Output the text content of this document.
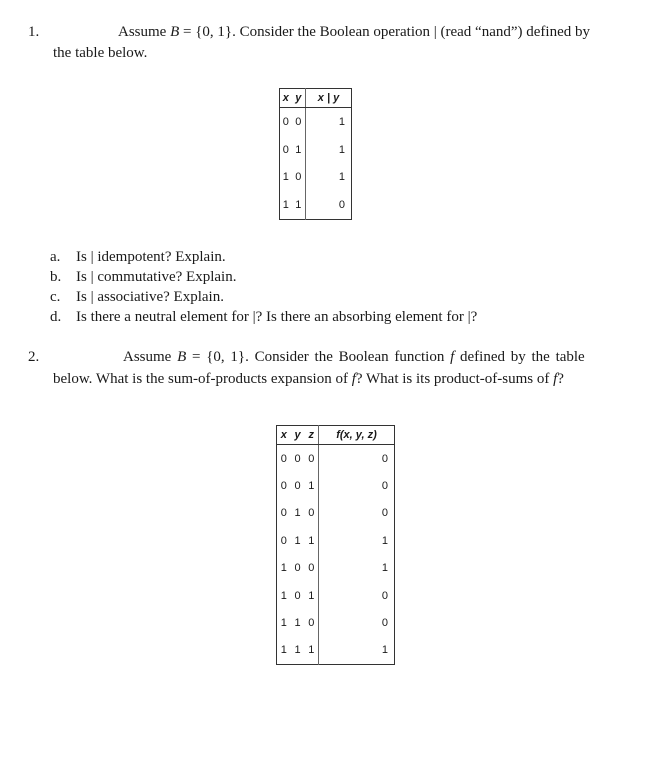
1.	Assume B = {0, 1}. Consider the Boolean operation | (read “nand”) defined by
the table below.
x	y	x | y
0	0	1
0	1	1
1	0	1
1	1	0
a.	Is | idempotent? Explain.
b. Is | commutative? Explain.
c.	Is | associative? Explain.
d. Is there a neutral element for |? Is there an absorbing element for |?
2.	Assume B = {0, 1}. Consider the Boolean function f defined by the table
below. What is the sum-of-products expansion of f? What is its product-of-sums of f?
x	y	z	f(x, y, z)
0	0	0	0
0	0	1	0
0	1	0	0
0	1	1	1
1	0	0	1
1	0	1	0
1	1	0	0
1	1	1	1
